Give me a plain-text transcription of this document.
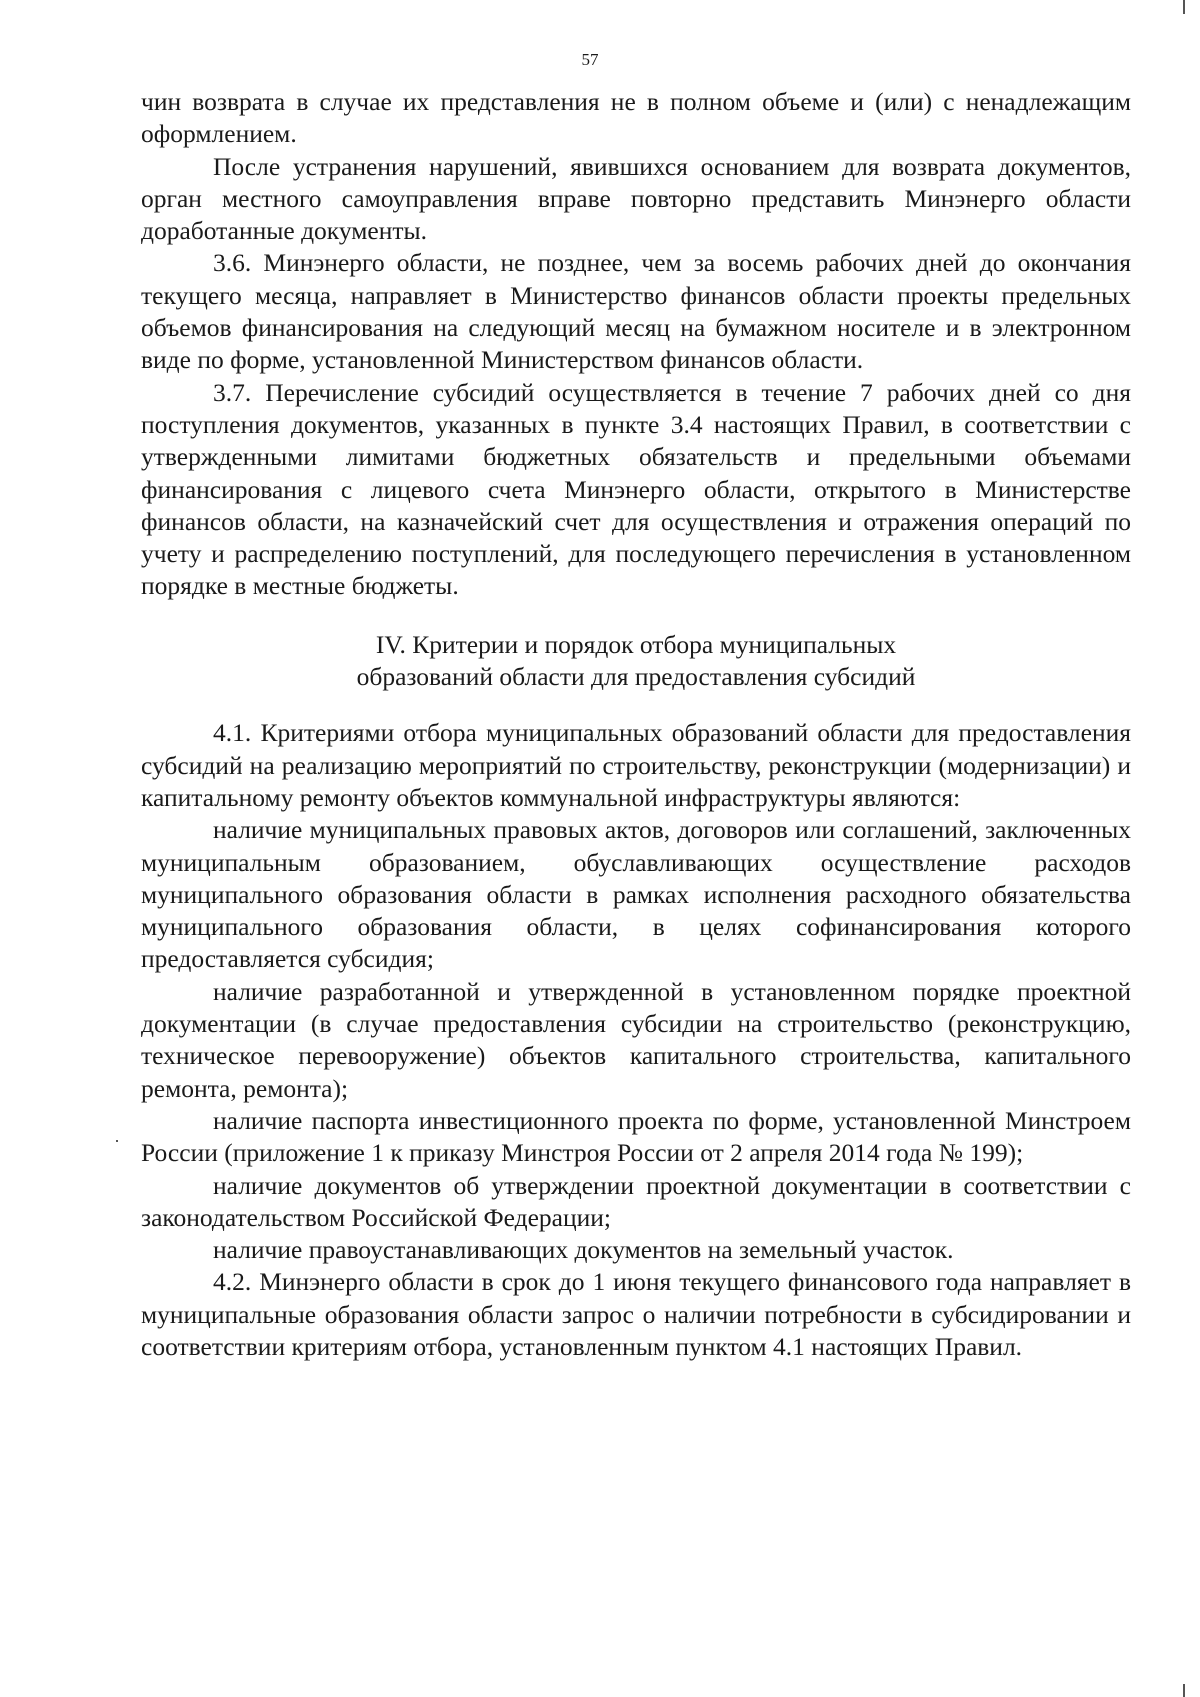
57

чин возврата в случае их представления не в полном объеме и (или) с ненадлежащим оформлением.

После устранения нарушений, явившихся основанием для возврата документов, орган местного самоуправления вправе повторно представить Минэнерго области доработанные документы.

3.6. Минэнерго области, не позднее, чем за восемь рабочих дней до окончания текущего месяца, направляет в Министерство финансов области проекты предельных объемов финансирования на следующий месяц на бумажном носителе и в электронном виде по форме, установленной Министерством финансов области.

3.7. Перечисление субсидий осуществляется в течение 7 рабочих дней со дня поступления документов, указанных в пункте 3.4 настоящих Правил, в соответствии с утвержденными лимитами бюджетных обязательств и предельными объемами финансирования с лицевого счета Минэнерго области, открытого в Министерстве финансов области, на казначейский счет для осуществления и отражения операций по учету и распределению поступлений, для последующего перечисления в установленном порядке в местные бюджеты.

IV. Критерии и порядок отбора муниципальных
образований области для предоставления субсидий

4.1. Критериями отбора муниципальных образований области для предоставления субсидий на реализацию мероприятий по строительству, реконструкции (модернизации) и капитальному ремонту объектов коммунальной инфраструктуры являются:

наличие муниципальных правовых актов, договоров или соглашений, заключенных муниципальным образованием, обуславливающих осуществление расходов муниципального образования области в рамках исполнения расходного обязательства муниципального образования области, в целях софинансирования которого предоставляется субсидия;

наличие разработанной и утвержденной в установленном порядке проектной документации (в случае предоставления субсидии на строительство (реконструкцию, техническое перевооружение) объектов капитального строительства, капитального ремонта, ремонта);

наличие паспорта инвестиционного проекта по форме, установленной Минстроем России (приложение 1 к приказу Минстроя России от 2 апреля 2014 года № 199);

наличие документов об утверждении проектной документации в соответствии с законодательством Российской Федерации;

наличие правоустанавливающих документов на земельный участок.

4.2. Минэнерго области в срок до 1 июня текущего финансового года направляет в муниципальные образования области запрос о наличии потребности в субсидировании и соответствии критериям отбора, установленным пунктом 4.1 настоящих Правил.
